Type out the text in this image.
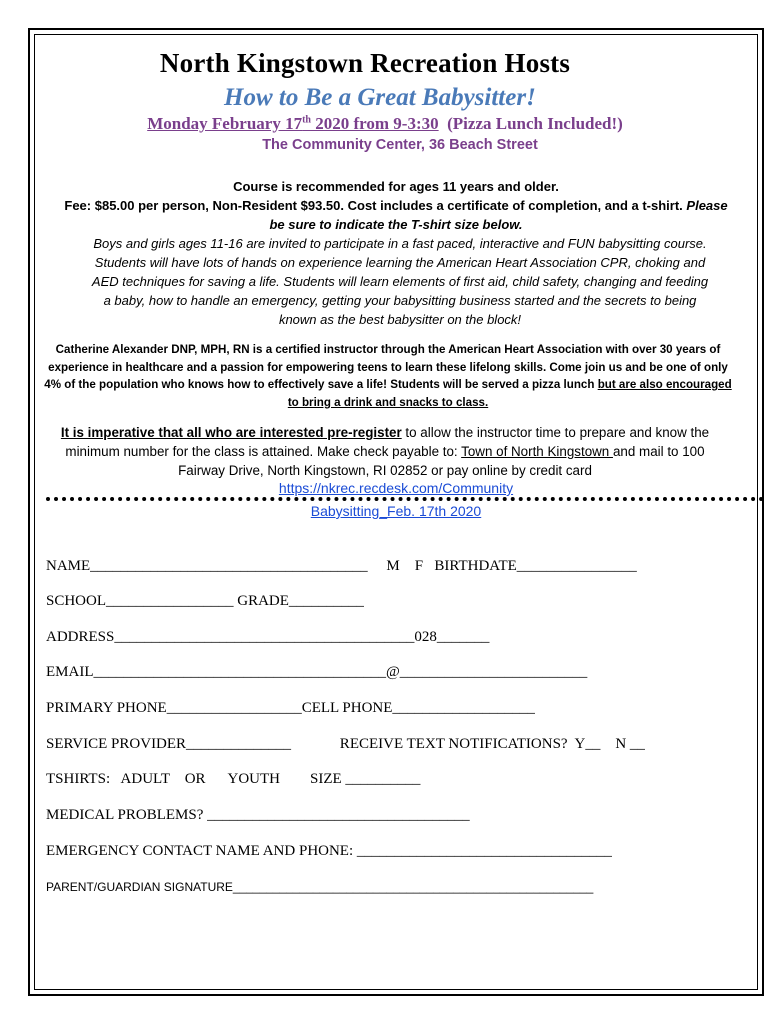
North Kingstown Recreation Hosts
How to Be a Great Babysitter!
Monday February 17th 2020 from 9-3:30 (Pizza Lunch Included!)
The Community Center, 36 Beach Street
Course is recommended for ages 11 years and older.
Fee: $85.00 per person, Non-Resident $93.50. Cost includes a certificate of completion, and a t-shirt. Please
be sure to indicate the T-shirt size below.
Boys and girls ages 11-16 are invited to participate in a fast paced, interactive and FUN babysitting course. Students will have lots of hands on experience learning the American Heart Association CPR, choking and AED techniques for saving a life. Students will learn elements of first aid, child safety, changing and feeding a baby, how to handle an emergency, getting your babysitting business started and the secrets to being known as the best babysitter on the block!
Catherine Alexander DNP, MPH, RN is a certified instructor through the American Heart Association with over 30 years of experience in healthcare and a passion for empowering teens to learn these lifelong skills. Come join us and be one of only 4% of the population who knows how to effectively save a life! Students will be served a pizza lunch but are also encouraged to bring a drink and snacks to class.
It is imperative that all who are interested pre-register to allow the instructor time to prepare and know the minimum number for the class is attained. Make check payable to: Town of North Kingstown and mail to 100 Fairway Drive, North Kingstown, RI 02852 or pay online by credit card
https://nkrec.recdesk.com/Community
Babysitting_Feb. 17th 2020
NAME_____________________________________     M    F   BIRTHDATE________________
SCHOOL_________________ GRADE__________
ADDRESS________________________________________028_______
EMAIL_______________________________________@_________________________
PRIMARY PHONE__________________CELL PHONE___________________
SERVICE PROVIDER______________             RECEIVE TEXT NOTIFICATIONS?  Y__    N __
TSHIRTS:   ADULT    OR      YOUTH        SIZE __________
MEDICAL PROBLEMS? ___________________________________
EMERGENCY CONTACT NAME AND PHONE: __________________________________
PARENT/GUARDIAN SIGNATURE______________________________________________________
